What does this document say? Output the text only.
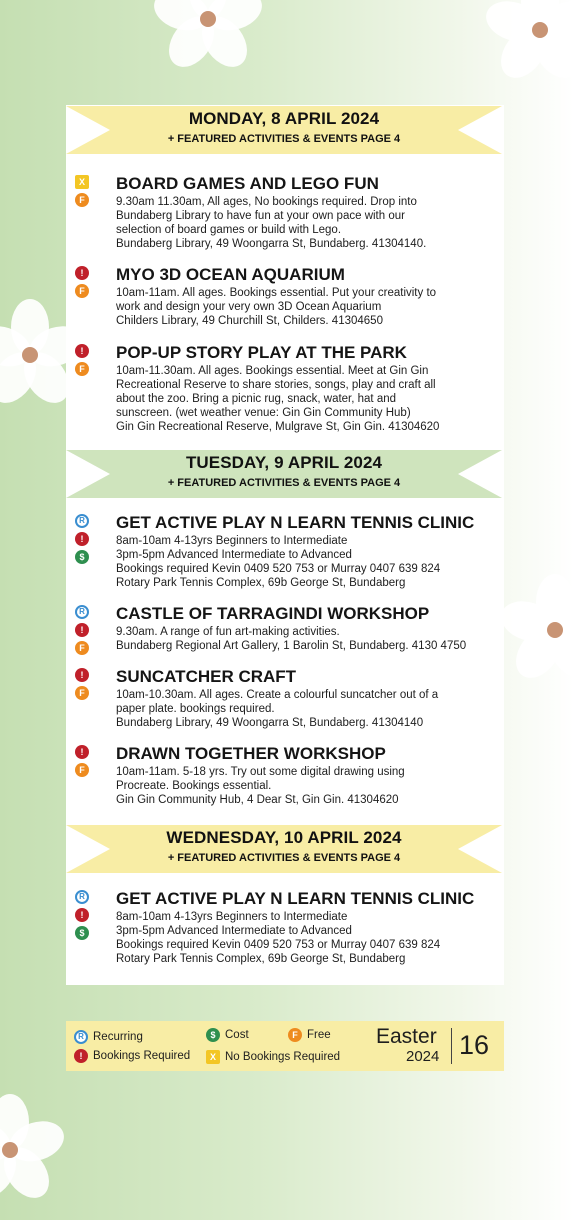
MONDAY, 8 APRIL 2024
+ FEATURED ACTIVITIES & EVENTS PAGE 4
X
F
BOARD GAMES AND LEGO FUN
9.30am 11.30am, All ages, No bookings required. Drop into
Bundaberg Library to have fun at your own pace with our
selection of board games or build with Lego.
Bundaberg Library, 49 Woongarra St, Bundaberg. 41304140.
!
F
MYO 3D OCEAN AQUARIUM
10am-11am. All ages. Bookings essential. Put your creativity to
work and design your very own 3D Ocean Aquarium
Childers Library, 49 Churchill St, Childers. 41304650
!
F
POP-UP STORY PLAY AT THE PARK
10am-11.30am. All ages. Bookings essential. Meet at Gin Gin
Recreational Reserve to share stories, songs, play and craft all
about the zoo. Bring a picnic rug, snack, water, hat and
sunscreen. (wet weather venue: Gin Gin Community Hub)
Gin Gin Recreational Reserve, Mulgrave St, Gin Gin. 41304620
TUESDAY, 9 APRIL 2024
+ FEATURED ACTIVITIES & EVENTS PAGE 4
R
!
$
GET ACTIVE PLAY N LEARN TENNIS CLINIC
8am-10am 4-13yrs Beginners to Intermediate
3pm-5pm Advanced Intermediate to Advanced
Bookings required Kevin 0409 520 753 or Murray 0407 639 824
Rotary Park Tennis Complex, 69b George St, Bundaberg
R
!
F
CASTLE OF TARRAGINDI WORKSHOP
9.30am. A range of fun art-making activities.
Bundaberg Regional Art Gallery, 1 Barolin St, Bundaberg. 4130 4750
!
F
SUNCATCHER CRAFT
10am-10.30am. All ages. Create a colourful suncatcher out of a
paper plate. bookings required.
Bundaberg Library, 49 Woongarra St, Bundaberg. 41304140
!
F
DRAWN TOGETHER WORKSHOP
10am-11am. 5-18 yrs. Try out some digital drawing using
Procreate. Bookings essential.
Gin Gin Community Hub, 4 Dear St, Gin Gin. 41304620
WEDNESDAY, 10 APRIL 2024
+ FEATURED ACTIVITIES & EVENTS PAGE 4
R
!
$
GET ACTIVE PLAY N LEARN TENNIS CLINIC
8am-10am 4-13yrs Beginners to Intermediate
3pm-5pm Advanced Intermediate to Advanced
Bookings required Kevin 0409 520 753 or Murray 0407 639 824
Rotary Park Tennis Complex, 69b George St, Bundaberg
R Recurring	$ Cost	F Free
! Bookings Required	X No Bookings Required
Easter
2024 16
